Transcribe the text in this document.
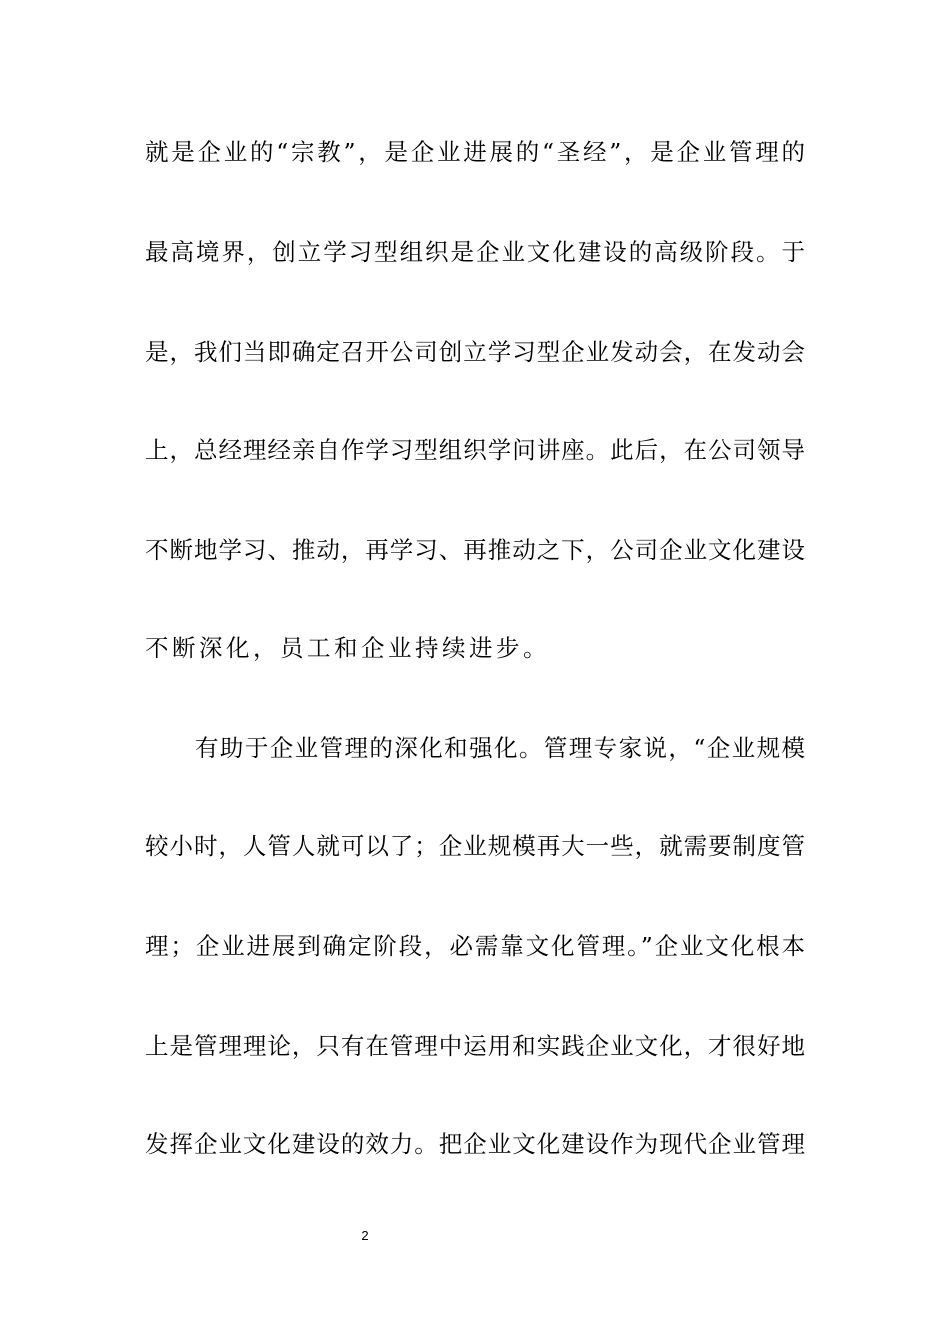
就是企业的“宗教”，是企业进展的“圣经”，是企业管理的
最高境界，创立学习型组织是企业文化建设的高级阶段。于
是，我们当即确定召开公司创立学习型企业发动会，在发动会
上，总经理经亲自作学习型组织学问讲座。此后，在公司领导
不断地学习、推动，再学习、再推动之下，公司企业文化建设
不断深化，员工和企业持续进步。
有助于企业管理的深化和强化。管理专家说，“企业规模
较小时，人管人就可以了；企业规模再大一些，就需要制度管
理；企业进展到确定阶段，必需靠文化管理。”企业文化根本
上是管理理论，只有在管理中运用和实践企业文化，才很好地
发挥企业文化建设的效力。把企业文化建设作为现代企业管理
2
